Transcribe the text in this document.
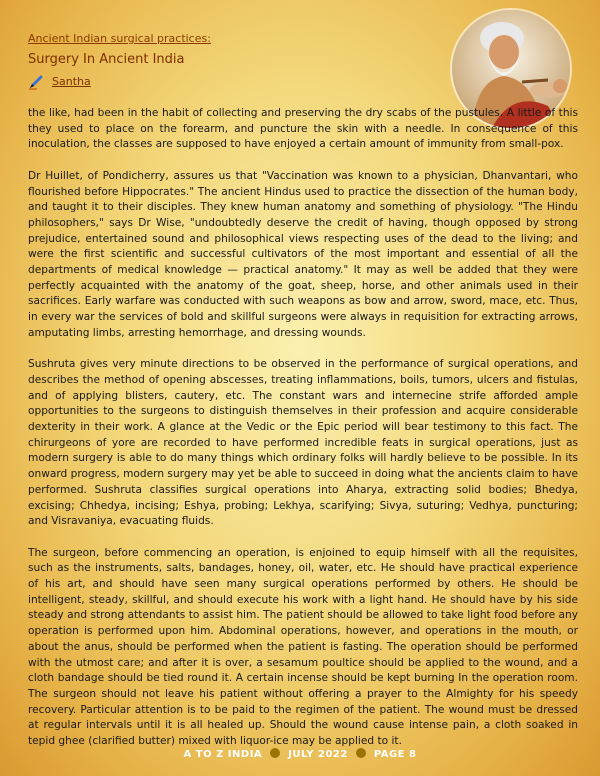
Ancient Indian surgical practices:
Surgery In Ancient India
Santha

the like, had been in the habit of collecting and preserving the dry scabs of the pustules. A little of this they used to place on the forearm, and puncture the skin with a needle. In consequence of this inoculation, the classes are supposed to have enjoyed a certain amount of immunity from small-pox.

Dr Huillet, of Pondicherry, assures us that "Vaccination was known to a physician, Dhanvantari, who flourished before Hippocrates." The ancient Hindus used to practice the dissection of the human body, and taught it to their disciples. They knew human anatomy and something of physiology. "The Hindu philosophers," says Dr Wise, "undoubtedly deserve the credit of having, though opposed by strong prejudice, entertained sound and philosophical views respecting uses of the dead to the living; and were the first scientific and successful cultivators of the most important and essential of all the departments of medical knowledge — practical anatomy." It may as well be added that they were perfectly acquainted with the anatomy of the goat, sheep, horse, and other animals used in their sacrifices. Early warfare was conducted with such weapons as bow and arrow, sword, mace, etc. Thus, in every war the services of bold and skillful surgeons were always in requisition for extracting arrows, amputating limbs, arresting hemorrhage, and dressing wounds.

Sushruta gives very minute directions to be observed in the performance of surgical operations, and describes the method of opening abscesses, treating inflammations, boils, tumors, ulcers and fistulas, and of applying blisters, cautery, etc. The constant wars and internecine strife afforded ample opportunities to the surgeons to distinguish themselves in their profession and acquire considerable dexterity in their work. A glance at the Vedic or the Epic period will bear testimony to this fact. The chirurgeons of yore are recorded to have performed incredible feats in surgical operations, just as modern surgery is able to do many things which ordinary folks will hardly believe to be possible. In its onward progress, modern surgery may yet be able to succeed in doing what the ancients claim to have performed. Sushruta classifies surgical operations into Aharya, extracting solid bodies; Bhedya, excising; Chhedya, incising; Eshya, probing; Lekhya, scarifying; Sivya, suturing; Vedhya, puncturing; and Visravaniya, evacuating fluids.

The surgeon, before commencing an operation, is enjoined to equip himself with all the requisites, such as the instruments, salts, bandages, honey, oil, water, etc. He should have practical experience of his art, and should have seen many surgical operations performed by others. He should be intelligent, steady, skillful, and should execute his work with a light hand. He should have by his side steady and strong attendants to assist him. The patient should be allowed to take light food before any operation is performed upon him. Abdominal operations, however, and operations in the mouth, or about the anus, should be performed when the patient is fasting. The operation should be performed with the utmost care; and after it is over, a sesamum poultice should be applied to the wound, and a cloth bandage should be tied round it. A certain incense should be kept burning In the operation room. The surgeon should not leave his patient without offering a prayer to the Almighty for his speedy recovery. Particular attention is to be paid to the regimen of the patient. The wound must be dressed at regular intervals until it is all healed up. Should the wound cause intense pain, a cloth soaked in tepid ghee (clarified butter) mixed with liquor-ice may be applied to it.

A TO Z INDIA	JULY 2022	PAGE 8
